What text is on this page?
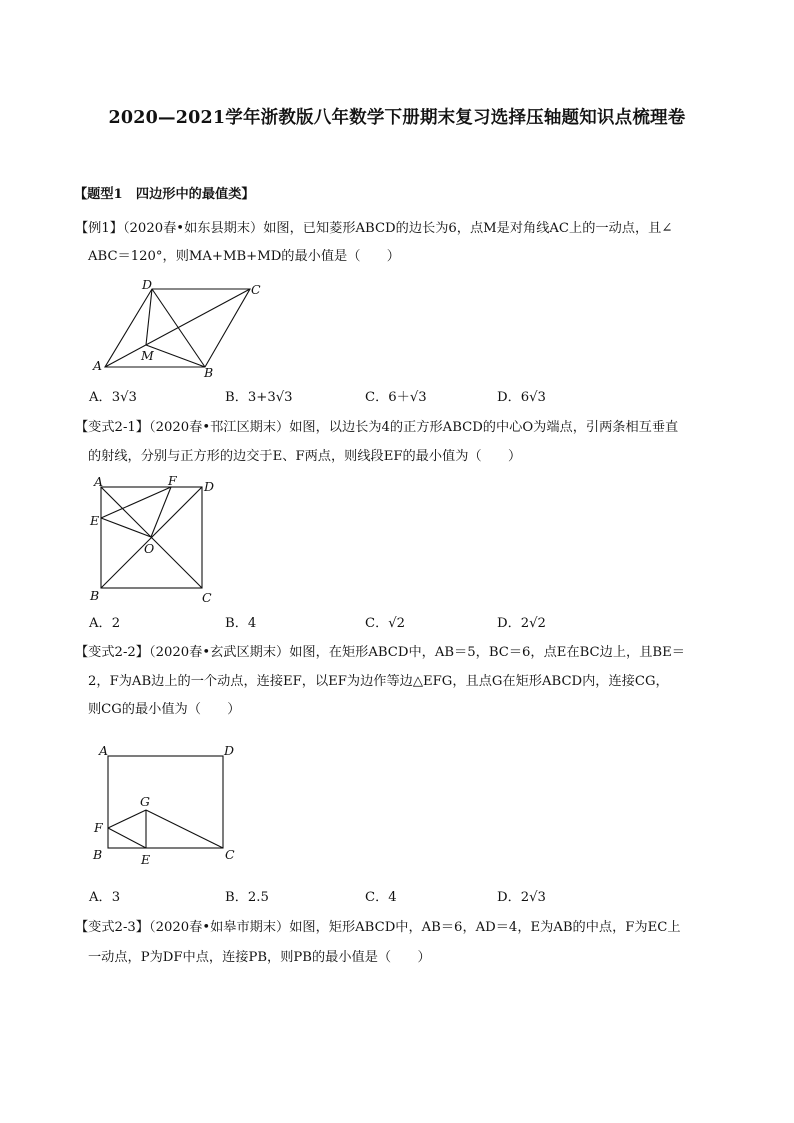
2020—2021学年浙教版八年数学下册期末复习选择压轴题知识点梳理卷
【题型1　四边形中的最值类】
【例1】（2020春•如东县期末）如图，已知菱形ABCD的边长为6，点M是对角线AC上的一动点，且∠
ABC＝120°，则MA+MB+MD的最小值是（　　）
A	B
C
D
M
A．3√3	B．3+3√3	C．6＋√3	D．6√3
【变式2-1】（2020春•邗江区期末）如图，以边长为4的正方形ABCD的中心O为端点，引两条相互垂直
的射线，分别与正方形的边交于E、F两点，则线段EF的最小值为（　　）
A	F D
E
O
B	C
A．2	B．4	C．√2	D．2√2
【变式2-2】（2020春•玄武区期末）如图，在矩形ABCD中，AB＝5，BC＝6，点E在BC边上，且BE＝
2，F为AB边上的一个动点，连接EF，以EF为边作等边△EFG，且点G在矩形ABCD内，连接CG，
则CG的最小值为（　　）
A	D
G
F
B	E	C
A．3	B．2.5	C．4	D．2√3
【变式2-3】（2020春•如皋市期末）如图，矩形ABCD中，AB＝6，AD＝4，E为AB的中点，F为EC上
一动点，P为DF中点，连接PB，则PB的最小值是（　　）
